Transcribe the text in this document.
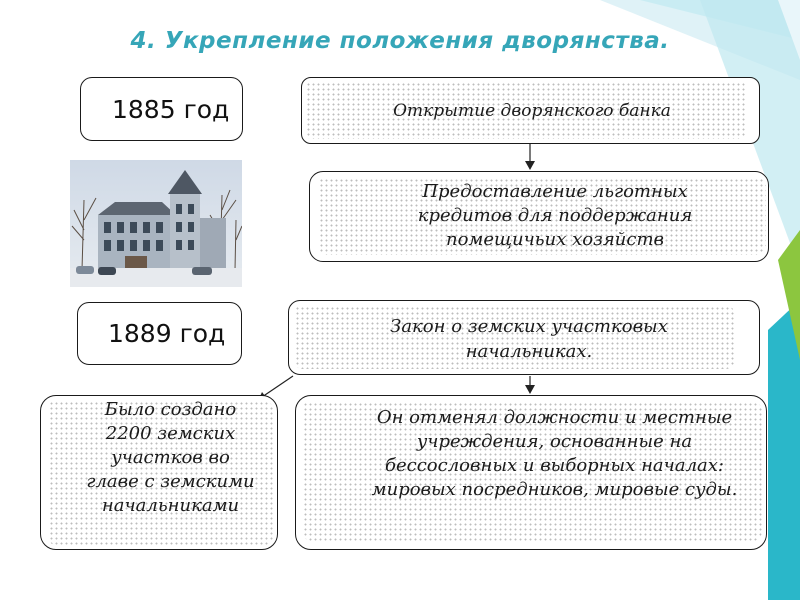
4. Укрепление положения дворянства.
1885 год	Открытие дворянского банка
Предоставление льготных кредитов для поддержания помещичьих хозяйств
1889 год	Закон о земских участковых начальниках.
Было создано 2200 земских участков во главе с земскими начальниками
Он отменял должности и местные учреждения, основанные на бессословных и выборных началах: мировых посредников, мировые суды.
